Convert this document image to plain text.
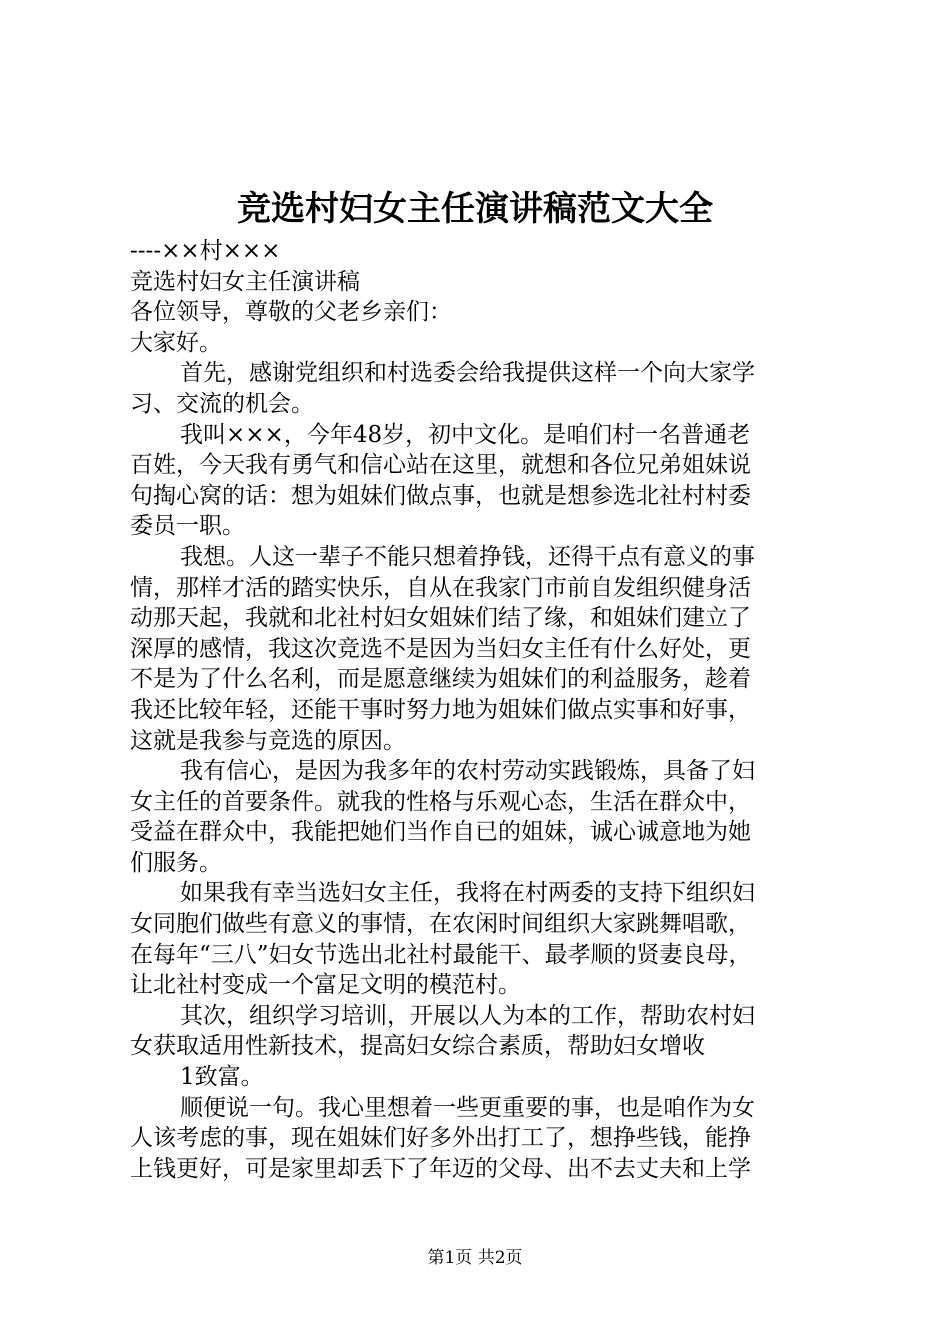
竞选村妇女主任演讲稿范文大全

----××村×××

竞选村妇女主任演讲稿

各位领导，尊敬的父老乡亲们：

大家好。

首先，感谢党组织和村选委会给我提供这样一个向大家学
习、交流的机会。
我叫×××，今年48岁，初中文化。是咱们村一名普通老
百姓，今天我有勇气和信心站在这里，就想和各位兄弟姐妹说
句掏心窝的话：想为姐妹们做点事，也就是想参选北社村村委
委员一职。
我想。人这一辈子不能只想着挣钱，还得干点有意义的事
情，那样才活的踏实快乐，自从在我家门市前自发组织健身活
动那天起，我就和北社村妇女姐妹们结了缘，和姐妹们建立了
深厚的感情，我这次竞选不是因为当妇女主任有什么好处，更
不是为了什么名利，而是愿意继续为姐妹们的利益服务，趁着
我还比较年轻，还能干事时努力地为姐妹们做点实事和好事，
这就是我参与竞选的原因。
我有信心，是因为我多年的农村劳动实践锻炼，具备了妇
女主任的首要条件。就我的性格与乐观心态，生活在群众中，
受益在群众中，我能把她们当作自已的姐妹，诚心诚意地为她
们服务。
如果我有幸当选妇女主任，我将在村两委的支持下组织妇
女同胞们做些有意义的事情，在农闲时间组织大家跳舞唱歌，
在每年“三八”妇女节选出北社村最能干、最孝顺的贤妻良母，
让北社村变成一个富足文明的模范村。
其次，组织学习培训，开展以人为本的工作，帮助农村妇
女获取适用性新技术，提高妇女综合素质，帮助妇女增收
1致富。
顺便说一句。我心里想着一些更重要的事，也是咱作为女
人该考虑的事，现在姐妹们好多外出打工了，想挣些钱，能挣
上钱更好，可是家里却丢下了年迈的父母、出不去丈夫和上学
第1页 共2页
